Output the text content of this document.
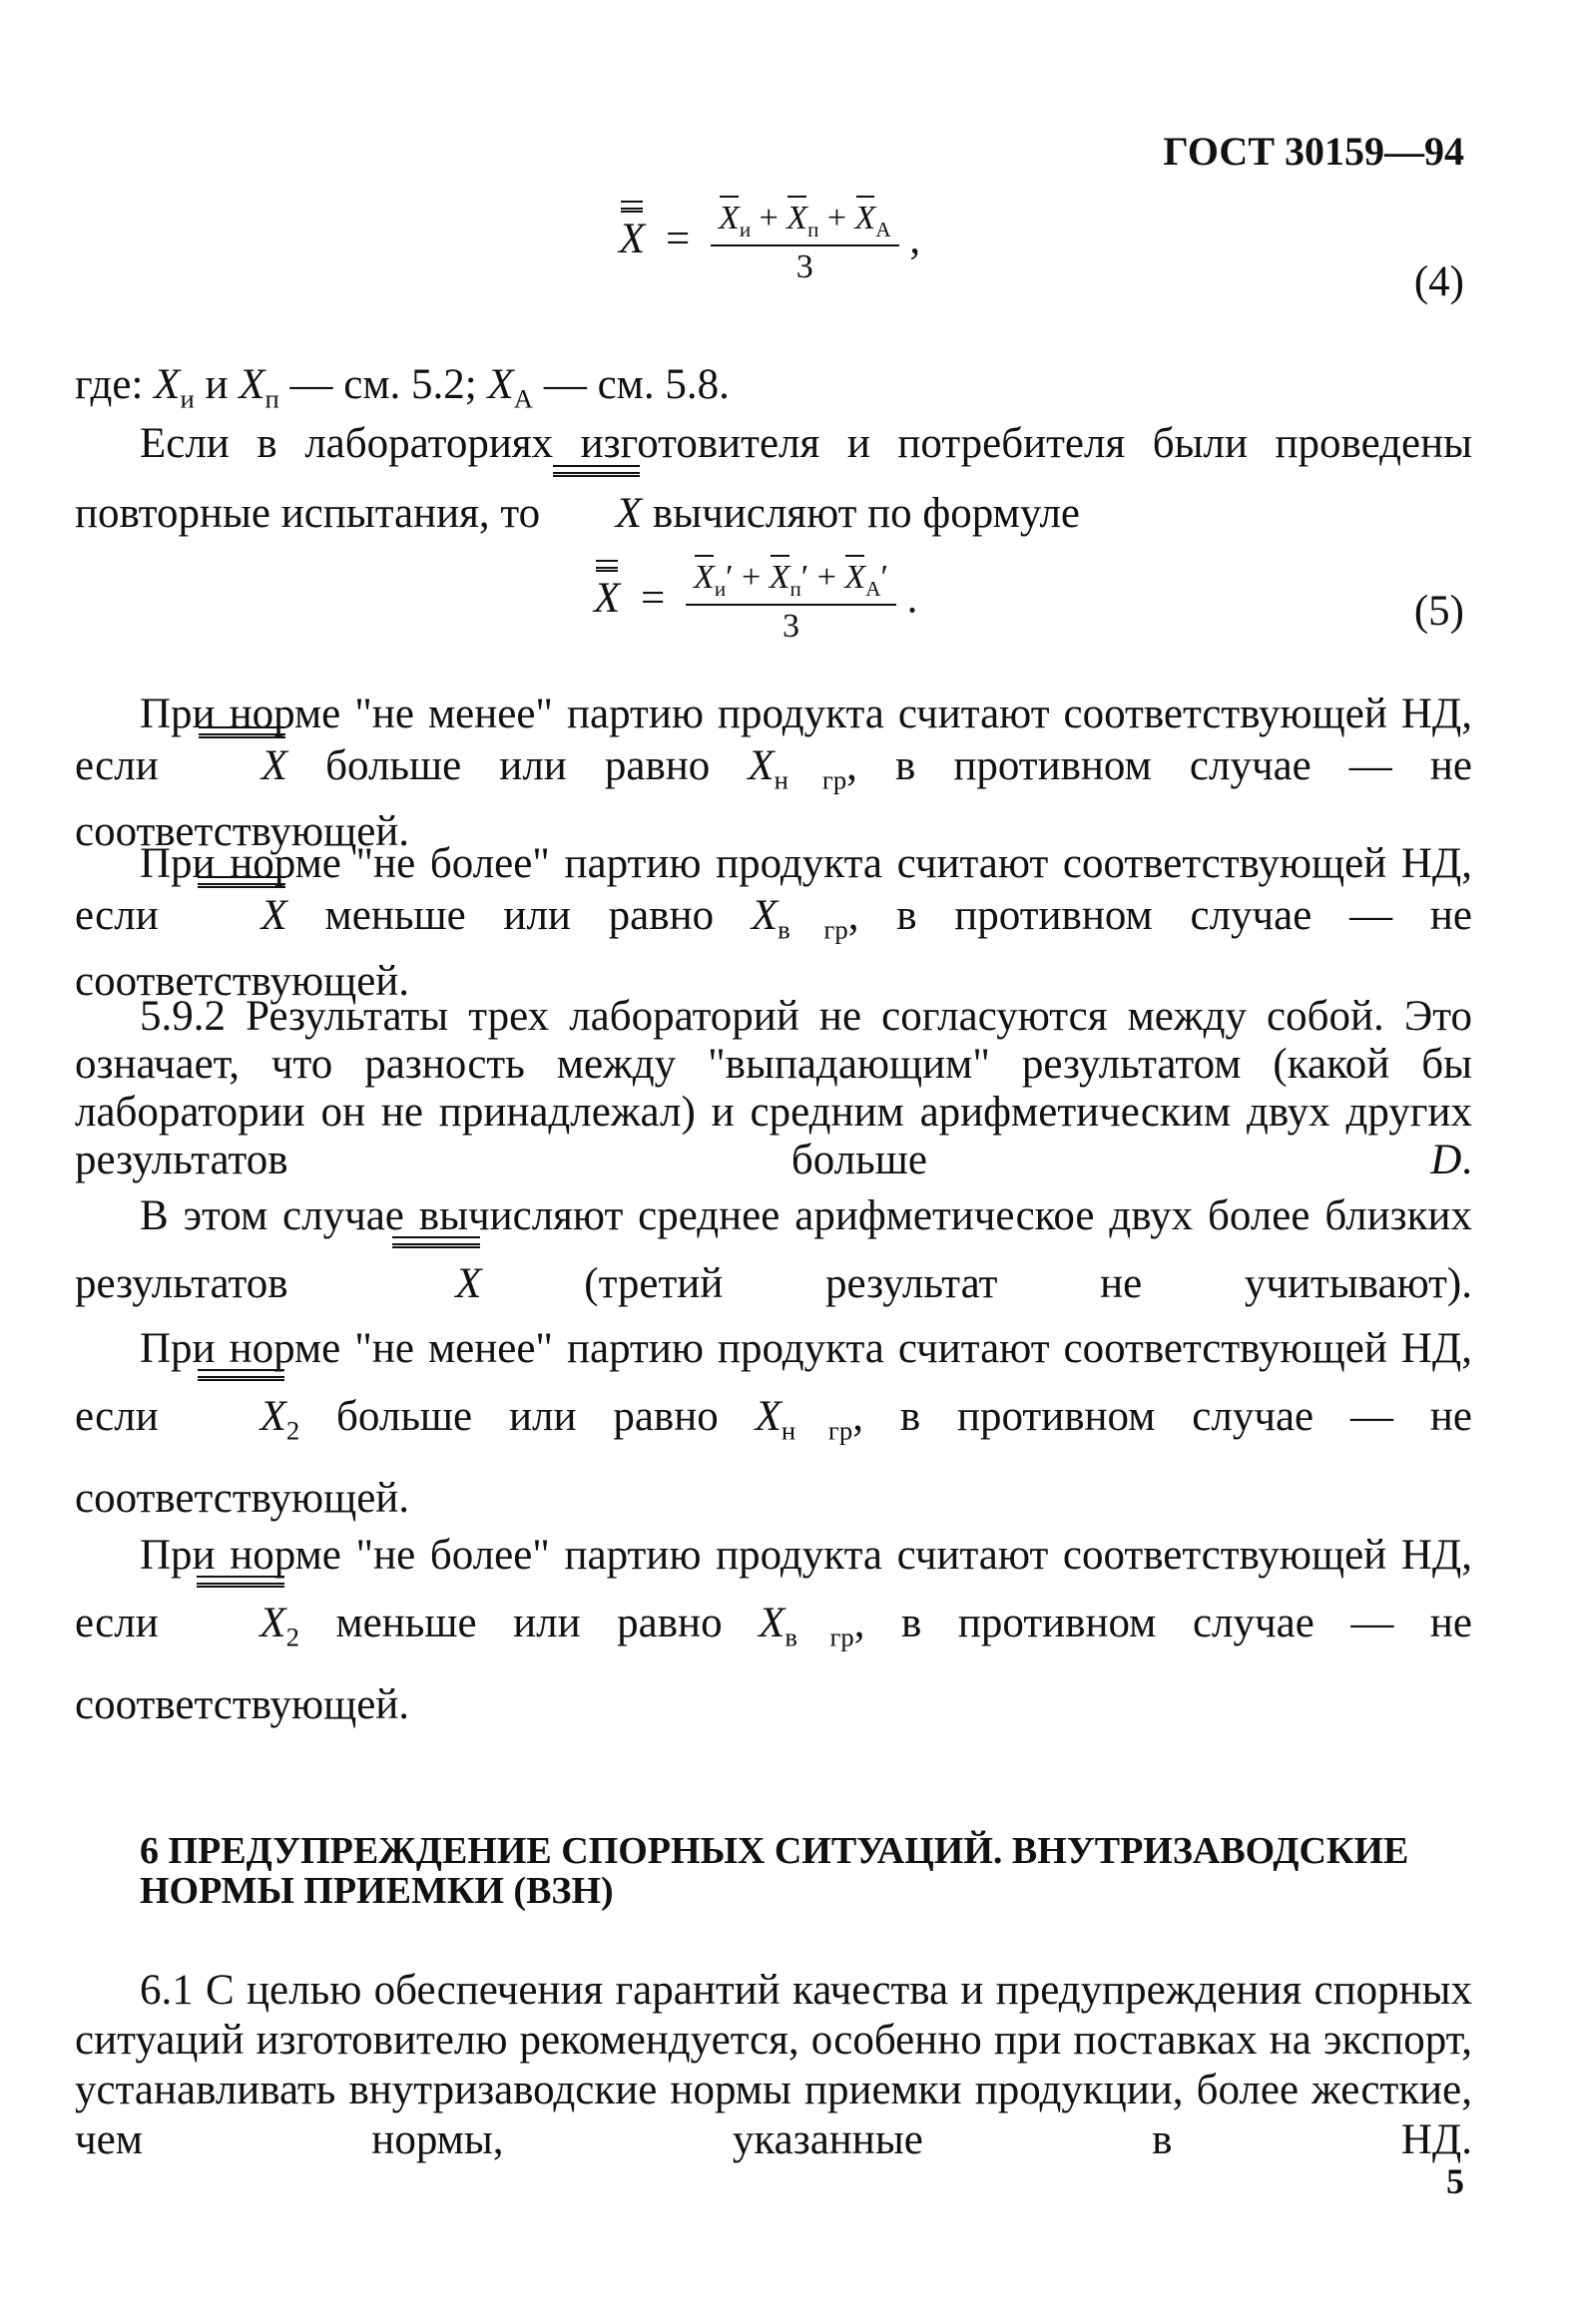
ГОСТ 30159—94
$X = \frac{X_и + X_п + X_А}{3}$ ,
(4)
где: $X_и$ и $X_п$ — см. 5.2; $X_А$ — см. 5.8.
Если в лабораториях изготовителя и потребителя были проведены повторные испытания, то X вычисляют по формуле
$X = \frac{X_и' + X_п' + X_А'}{3}$ .	(5)
При норме "не менее" партию продукта считают соответствующей НД, если X больше или равно $X_{н гр}$, в противном случае — не соответствующей.
При норме "не более" партию продукта считают соответствующей НД, если X меньше или равно $X_{в гр}$, в противном случае — не соответствующей.
5.9.2 Результаты трех лабораторий не согласуются между собой. Это означает, что разность между "выпадающим" результатом (какой бы лаборатории он не принадлежал) и средним арифметическим двух других результатов больше D.
В этом случае вычисляют среднее арифметическое двух более близких результатов X (третий результат не учитывают).
При норме "не менее" партию продукта считают соответствующей НД, если $X_2$ больше или равно $X_{н гр}$, в противном случае — не соответствующей.
При норме "не более" партию продукта считают соответствующей НД, если $X_2$ меньше или равно $X_{в гр}$, в противном случае — не соответствующей.
6 ПРЕДУПРЕЖДЕНИЕ СПОРНЫХ СИТУАЦИЙ. ВНУТРИЗАВОДСКИЕ НОРМЫ ПРИЕМКИ (ВЗН)
6.1 С целью обеспечения гарантий качества и предупреждения спорных ситуаций изготовителю рекомендуется, особенно при поставках на экспорт, устанавливать внутризаводские нормы приемки продукции, более жесткие, чем нормы, указанные в НД.
5
